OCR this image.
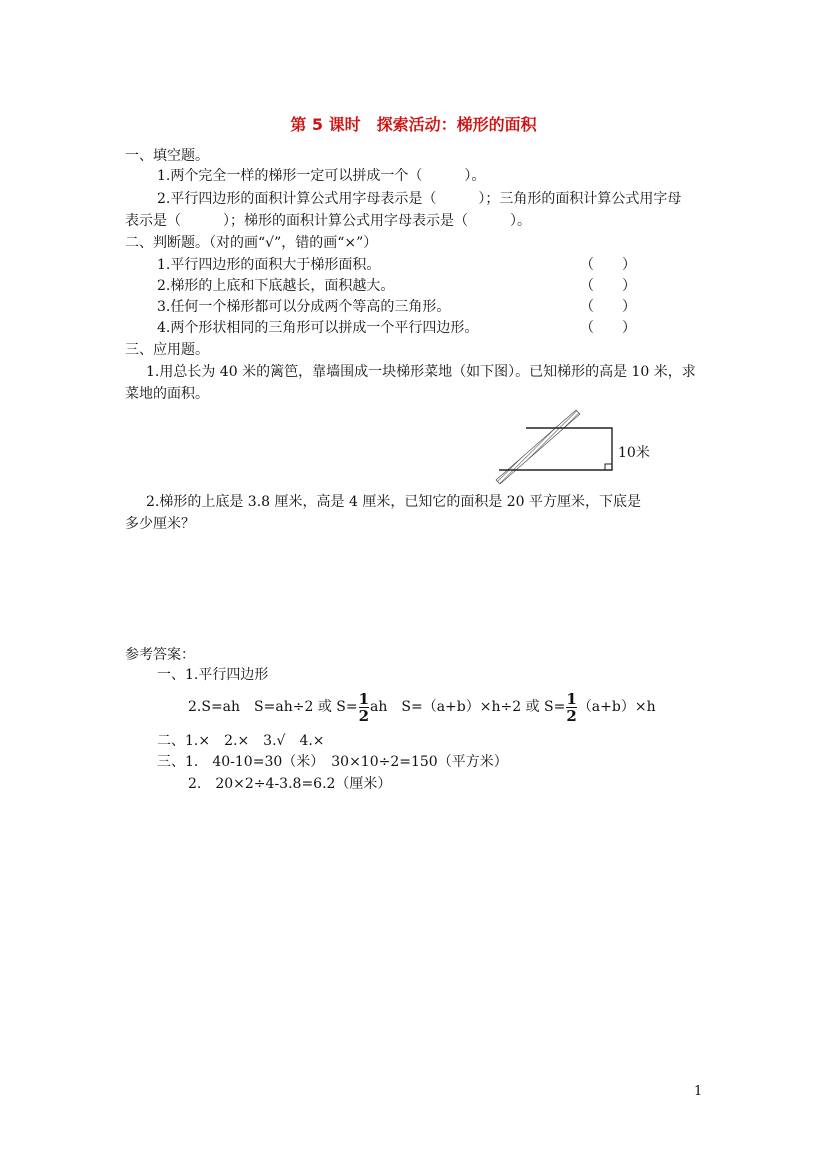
第 5 课时　探索活动：梯形的面积
一、填空题。
1.两个完全一样的梯形一定可以拼成一个（　　　）。
2.平行四边形的面积计算公式用字母表示是（　　　）；三角形的面积计算公式用字母
表示是（　　　）；梯形的面积计算公式用字母表示是（　　　）。
二、判断题。（对的画“√”，错的画“×”）
1.平行四边形的面积大于梯形面积。	（　　）
2.梯形的上底和下底越长，面积越大。	（　　）
3.任何一个梯形都可以分成两个等高的三角形。	（　　）
4.两个形状相同的三角形可以拼成一个平行四边形。	（　　）
三、应用题。
1.用总长为 40 米的篱笆，靠墙围成一块梯形菜地（如下图）。已知梯形的高是 10 米，求
菜地的面积。
10米
2.梯形的上底是 3.8 厘米，高是 4 厘米，已知它的面积是 20 平方厘米，下底是
多少厘米？
参考答案：
一、1.平行四边形
2.S=ah　S=ah÷2 或 $S= \frac{1}{2}$ ah　S=（a+b）×h÷2 或 $S= \frac{1}{2} (a+b)\times h$
二、1.×　2.×　3.√　4.×
三、1.　40-10=30（米）　30×10÷2=150（平方米）
2.　20×2÷4-3.8=6.2（厘米）
1
